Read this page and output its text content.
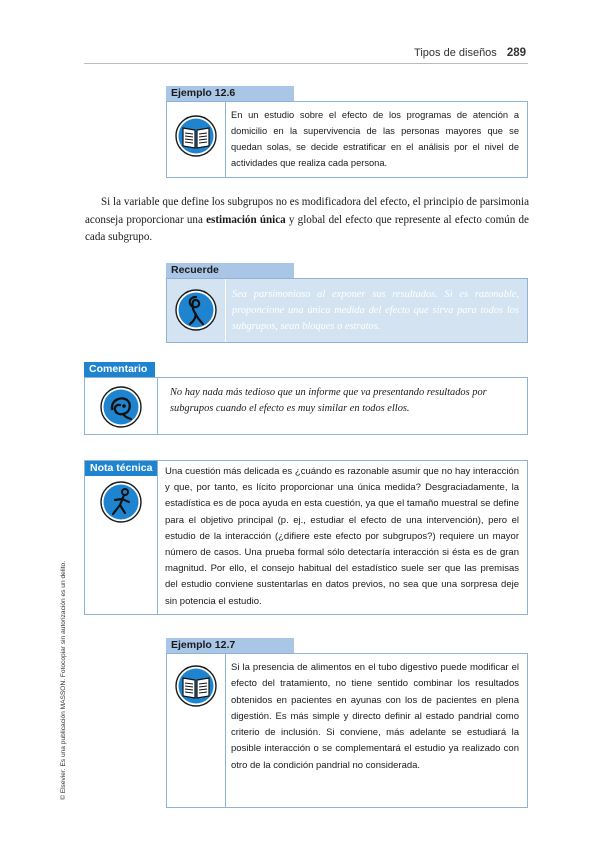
Tipos de diseños 289
Ejemplo 12.6

En un estudio sobre el efecto de los programas de atención a domicilio en la supervivencia de las personas mayores que se quedan solas, se decide estratificar en el análisis por el nivel de actividades que realiza cada persona.

Si la variable que define los subgrupos no es modificadora del efecto, el principio de parsimonia aconseja proporcionar una estimación única y global del efecto que represente al efecto común de cada subgrupo.
Recuerde

Sea parsimonioso al exponer sus resultados. Si es razonable, proponcione una única medida del efecto que sirva para todos los subgrupos, sean bloques o estratos.

Comentario

No hay nada más tedioso que un informe que va presentando resultados por subgrupos cuando el efecto es muy similar en todos ellos.

Nota técnica	Una cuestión más delicada es ¿cuándo es razonable asumir que no hay interacción y que, por tanto, es lícito proporcionar una única medida? Desgraciadamente, la estadística es de poca ayuda en esta cuestión, ya que el tamaño muestral se define para el objetivo principal (p. ej., estudiar el efecto de una intervención), pero el estudio de la interacción (¿difiere este efecto por subgrupos?) requiere un mayor número de casos. Una prueba formal sólo detectaría interacción si ésta es de gran magnitud. Por ello, el consejo habitual del estadístico suele ser que las premisas del estudio conviene sustentarlas en datos previos, no sea que una sorpresa deje sin potencia el estudio.

Ejemplo 12.7

Si la presencia de alimentos en el tubo digestivo puede modificar el efecto del tratamiento, no tiene sentido combinar los resultados obtenidos en pacientes en ayunas con los de pacientes en plena digestión. Es más simple y directo definir al estado pandrial como criterio de inclusión. Si conviene, más adelante se estudiará la posible interacción o se complementará el estudio ya realizado con otro de la condición pandrial no considerada.

© Elsevier. Es una publicación MASSON. Fotocopiar sin autorización es un delito.
